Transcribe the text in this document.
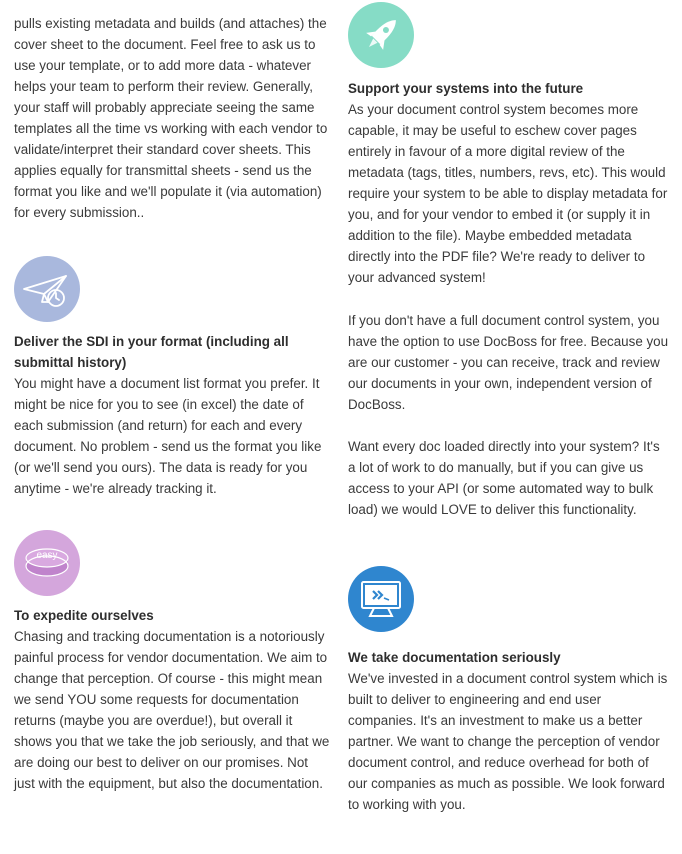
pulls existing metadata and builds (and attaches) the cover sheet to the document. Feel free to ask us to use your template, or to add more data - whatever helps your team to perform their review. Generally, your staff will probably appreciate seeing the same templates all the time vs working with each vendor to validate/interpret their standard cover sheets. This applies equally for transmittal sheets - send us the format you like and we'll populate it (via automation) for every submission..

Deliver the SDI in your format (including all submittal history)

You might have a document list format you prefer. It might be nice for you to see (in excel) the date of each submission (and return) for each and every document. No problem - send us the format you like (or we'll send you ours). The data is ready for you anytime - we're already tracking it.

easy

To expedite ourselves

Chasing and tracking documentation is a notoriously painful process for vendor documentation. We aim to change that perception. Of course - this might mean we send YOU some requests for documentation returns (maybe you are overdue!), but overall it shows you that we take the job seriously, and that we are doing our best to deliver on our promises. Not just with the equipment, but also the documentation.

Support your systems into the future

As your document control system becomes more capable, it may be useful to eschew cover pages entirely in favour of a more digital review of the metadata (tags, titles, numbers, revs, etc). This would require your system to be able to display metadata for you, and for your vendor to embed it (or supply it in addition to the file). Maybe embedded metadata directly into the PDF file? We're ready to deliver to your advanced system!

If you don't have a full document control system, you have the option to use DocBoss for free. Because you are our customer - you can receive, track and review our documents in your own, independent version of DocBoss.

Want every doc loaded directly into your system? It's a lot of work to do manually, but if you can give us access to your API (or some automated way to bulk load) we would LOVE to deliver this functionality.

We take documentation seriously

We've invested in a document control system which is built to deliver to engineering and end user companies. It's an investment to make us a better partner. We want to change the perception of vendor document control, and reduce overhead for both of our companies as much as possible. We look forward to working with you.
